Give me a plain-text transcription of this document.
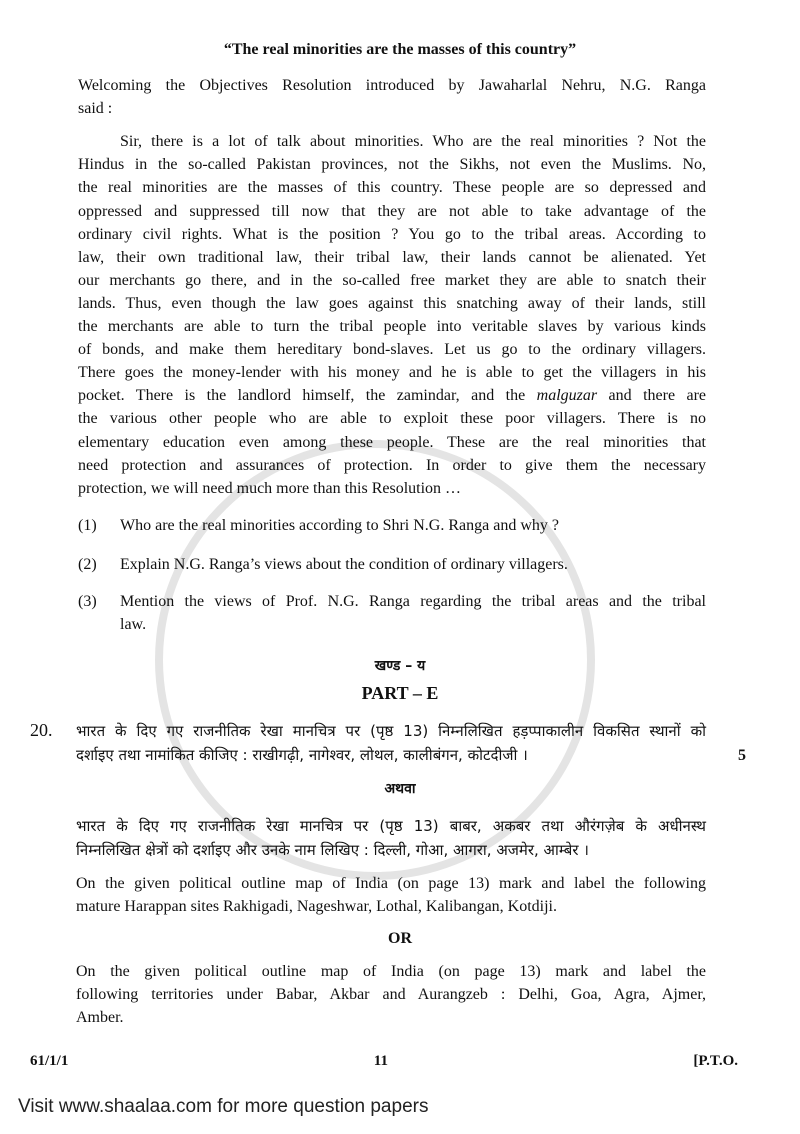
“The real minorities are the masses of this country”
Welcoming the Objectives Resolution introduced by Jawaharlal Nehru, N.G. Ranga
said :
Sir, there is a lot of talk about minorities. Who are the real minorities ? Not the
Hindus in the so-called Pakistan provinces, not the Sikhs, not even the Muslims. No,
the real minorities are the masses of this country. These people are so depressed and
oppressed and suppressed till now that they are not able to take advantage of the
ordinary civil rights. What is the position ? You go to the tribal areas. According to
law, their own traditional law, their tribal law, their lands cannot be alienated. Yet
our merchants go there, and in the so-called free market they are able to snatch their
lands. Thus, even though the law goes against this snatching away of their lands, still
the merchants are able to turn the tribal people into veritable slaves by various kinds
of bonds, and make them hereditary bond-slaves. Let us go to the ordinary villagers.
There goes the money-lender with his money and he is able to get the villagers in his
pocket. There is the landlord himself, the zamindar, and the malguzar and there are
the various other people who are able to exploit these poor villagers. There is no
elementary education even among these people. These are the real minorities that
need protection and assurances of protection. In order to give them the necessary
protection, we will need much more than this Resolution …
(1)	Who are the real minorities according to Shri N.G. Ranga and why ?
(2)	Explain N.G. Ranga’s views about the condition of ordinary villagers.
(3)	Mention the views of Prof. N.G. Ranga regarding the tribal areas and the tribal
law.
खण्ड – य
PART – E
20.	भारत के दिए गए राजनीतिक रेखा मानचित्र पर (पृष्ठ 13) निम्नलिखित हड़प्पाकालीन विकसित स्थानों को
दर्शाइए तथा नामांकित कीजिए : राखीगढ़ी, नागेश्वर, लोथल, कालीबंगन, कोटदीजी ।	5
अथवा
भारत के दिए गए राजनीतिक रेखा मानचित्र पर (पृष्ठ 13) बाबर, अकबर तथा औरंगज़ेब के अधीनस्थ
निम्नलिखित क्षेत्रों को दर्शाइए और उनके नाम लिखिए : दिल्ली, गोआ, आगरा, अजमेर, आम्बेर ।
On the given political outline map of India (on page 13) mark and label the following
mature Harappan sites Rakhigadi, Nageshwar, Lothal, Kalibangan, Kotdiji.
OR
On the given political outline map of India (on page 13) mark and label the
following territories under Babar, Akbar and Aurangzeb : Delhi, Goa, Agra, Ajmer,
Amber.
61/1/1	11	[P.T.O.
Visit www.shaalaa.com for more question papers
